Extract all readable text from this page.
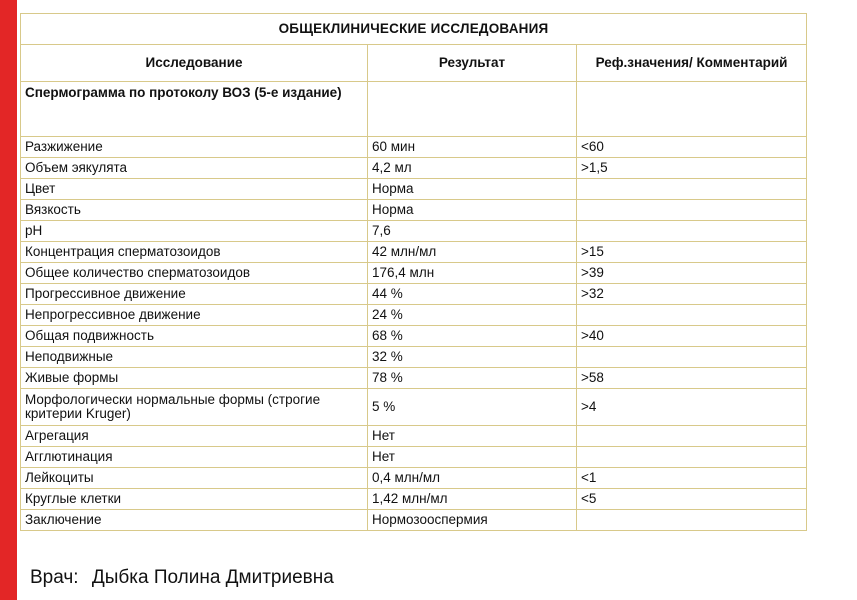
ОБЩЕКЛИНИЧЕСКИЕ ИССЛЕДОВАНИЯ		
Исследование	Результат	Реф.значения/ Комментарий
Спермограмма по протоколу ВОЗ (5-е издание)		
Разжижение	60 мин	<60
Объем эякулята	4,2 мл	>1,5
Цвет	Норма	
Вязкость	Норма	
pH	7,6	
Концентрация сперматозоидов	42 млн/мл	>15
Общее количество сперматозоидов	176,4 млн	>39
Прогрессивное движение	44 %	>32
Непрогрессивное движение	24 %	
Общая подвижность	68 %	>40
Неподвижные	32 %	
Живые формы	78 %	>58
Морфологически нормальные формы (строгие критерии Kruger)	5 %	>4
Агрегация	Нет	
Агглютинация	Нет	
Лейкоциты	0,4 млн/мл	<1
Круглые клетки	1,42 млн/мл	<5
Заключение	Нормозооспермия	
Врач: Дыбка Полина Дмитриевна
